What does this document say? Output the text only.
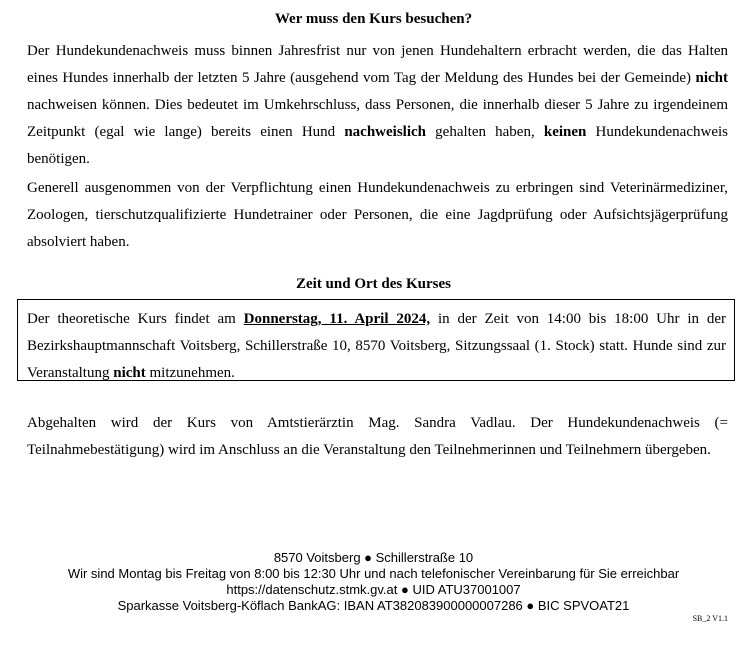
Wer muss den Kurs besuchen?
Der Hundekundenachweis muss binnen Jahresfrist nur von jenen Hundehaltern erbracht werden, die das Halten eines Hundes innerhalb der letzten 5 Jahre (ausgehend vom Tag der Meldung des Hundes bei der Gemeinde) nicht nachweisen können. Dies bedeutet im Umkehrschluss, dass Personen, die innerhalb dieser 5 Jahre zu irgendeinem Zeitpunkt (egal wie lange) bereits einen Hund nachweislich gehalten haben, keinen Hundekundenachweis benötigen.
Generell ausgenommen von der Verpflichtung einen Hundekundenachweis zu erbringen sind Veterinärmediziner, Zoologen, tierschutzqualifizierte Hundetrainer oder Personen, die eine Jagdprüfung oder Aufsichtsjägerprüfung absolviert haben.
Zeit und Ort des Kurses
Der theoretische Kurs findet am Donnerstag, 11. April 2024, in der Zeit von 14:00 bis 18:00 Uhr in der Bezirkshauptmannschaft Voitsberg, Schillerstraße 10, 8570 Voitsberg, Sitzungssaal (1. Stock) statt. Hunde sind zur Veranstaltung nicht mitzunehmen.
Abgehalten wird der Kurs von Amtstierärztin Mag. Sandra Vadlau. Der Hundekundenachweis (= Teilnahmebestätigung) wird im Anschluss an die Veranstaltung den Teilnehmerinnen und Teilnehmern übergeben.
8570 Voitsberg ● Schillerstraße 10
Wir sind Montag bis Freitag von 8:00 bis 12:30 Uhr und nach telefonischer Vereinbarung für Sie erreichbar
https://datenschutz.stmk.gv.at ● UID ATU37001007
Sparkasse Voitsberg-Köflach BankAG: IBAN AT382083900000007286 ● BIC SPVOAT21
SB_2 V1.1
